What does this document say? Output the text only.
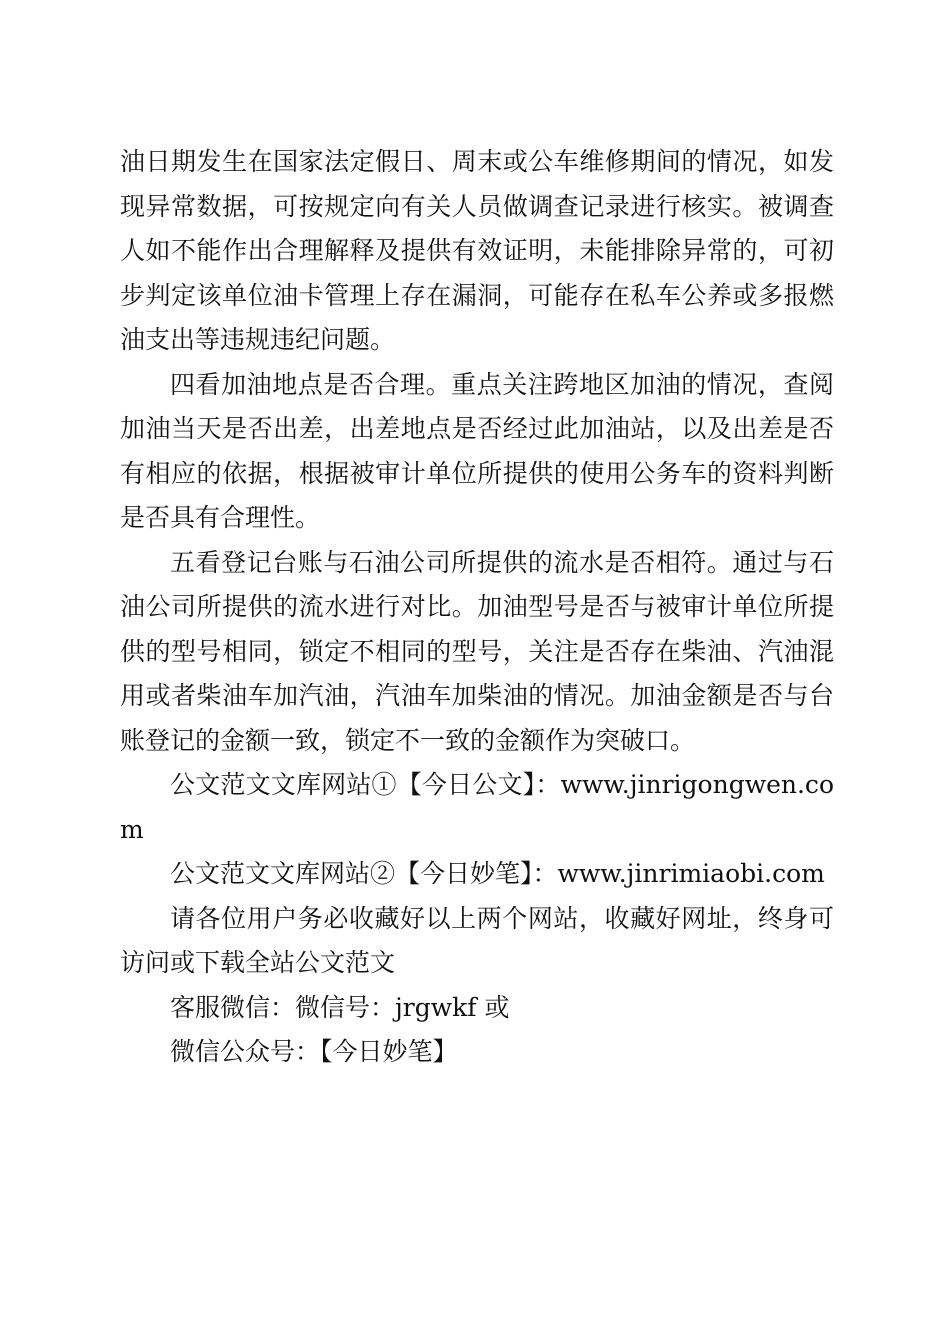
油日期发生在国家法定假日、周末或公车维修期间的情况，如发现异常数据，可按规定向有关人员做调查记录进行核实。被调查人如不能作出合理解释及提供有效证明，未能排除异常的，可初步判定该单位油卡管理上存在漏洞，可能存在私车公养或多报燃油支出等违规违纪问题。

四看加油地点是否合理。重点关注跨地区加油的情况，查阅加油当天是否出差，出差地点是否经过此加油站，以及出差是否有相应的依据，根据被审计单位所提供的使用公务车的资料判断是否具有合理性。

五看登记台账与石油公司所提供的流水是否相符。通过与石油公司所提供的流水进行对比。加油型号是否与被审计单位所提供的型号相同，锁定不相同的型号，关注是否存在柴油、汽油混用或者柴油车加汽油，汽油车加柴油的情况。加油金额是否与台账登记的金额一致，锁定不一致的金额作为突破口。

公文范文文库网站①【今日公文】：www.jinrigongwen.com

公文范文文库网站②【今日妙笔】：www.jinrimiaobi.com

请各位用户务必收藏好以上两个网站，收藏好网址，终身可访问或下载全站公文范文

客服微信：微信号：jrgwkf 或

微信公众号：【今日妙笔】
